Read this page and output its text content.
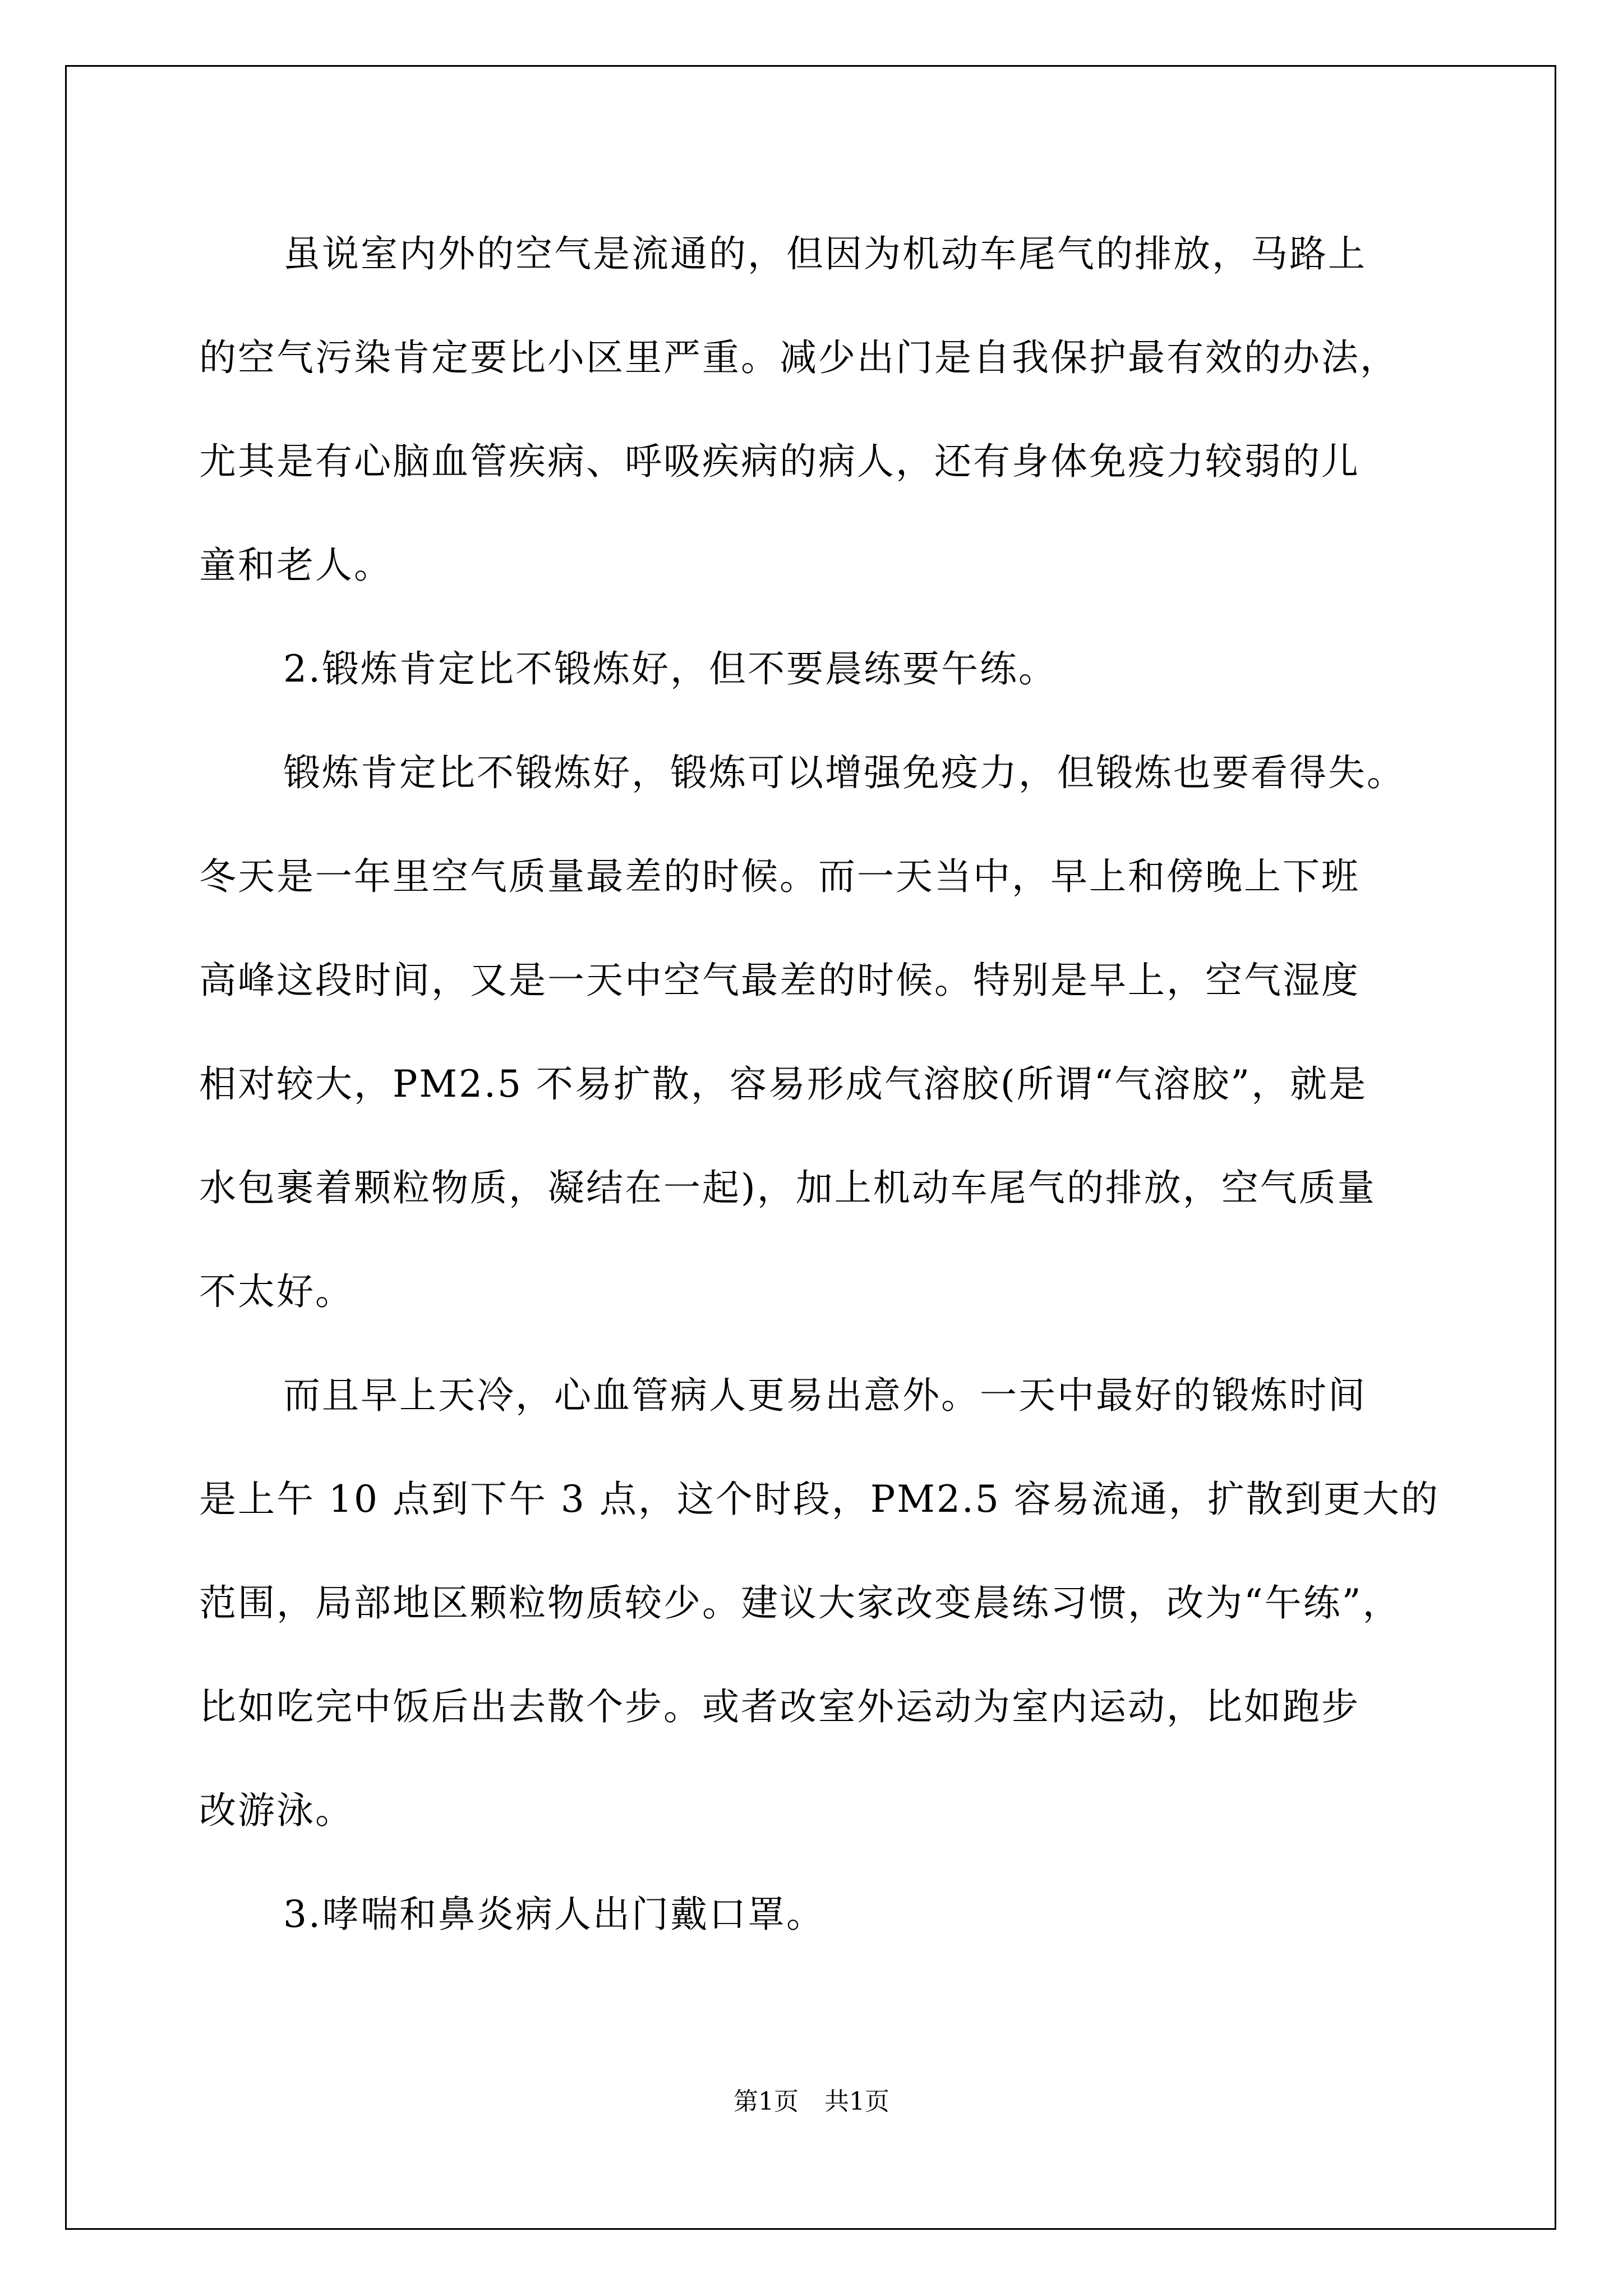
虽说室内外的空气是流通的，但因为机动车尾气的排放，马路上
的空气污染肯定要比小区里严重。减少出门是自我保护最有效的办法，
尤其是有心脑血管疾病、呼吸疾病的病人，还有身体免疫力较弱的儿
童和老人。
2.锻炼肯定比不锻炼好，但不要晨练要午练。
锻炼肯定比不锻炼好，锻炼可以增强免疫力，但锻炼也要看得失。
冬天是一年里空气质量最差的时候。而一天当中，早上和傍晚上下班
高峰这段时间，又是一天中空气最差的时候。特别是早上，空气湿度
相对较大，PM2.5 不易扩散，容易形成气溶胶(所谓“气溶胶”，就是
水包裹着颗粒物质，凝结在一起)，加上机动车尾气的排放，空气质量
不太好。
而且早上天冷，心血管病人更易出意外。一天中最好的锻炼时间
是上午 10 点到下午 3 点，这个时段，PM2.5 容易流通，扩散到更大的
范围，局部地区颗粒物质较少。建议大家改变晨练习惯，改为“午练”，
比如吃完中饭后出去散个步。或者改室外运动为室内运动，比如跑步
改游泳。
3.哮喘和鼻炎病人出门戴口罩。
第1页 共1页
